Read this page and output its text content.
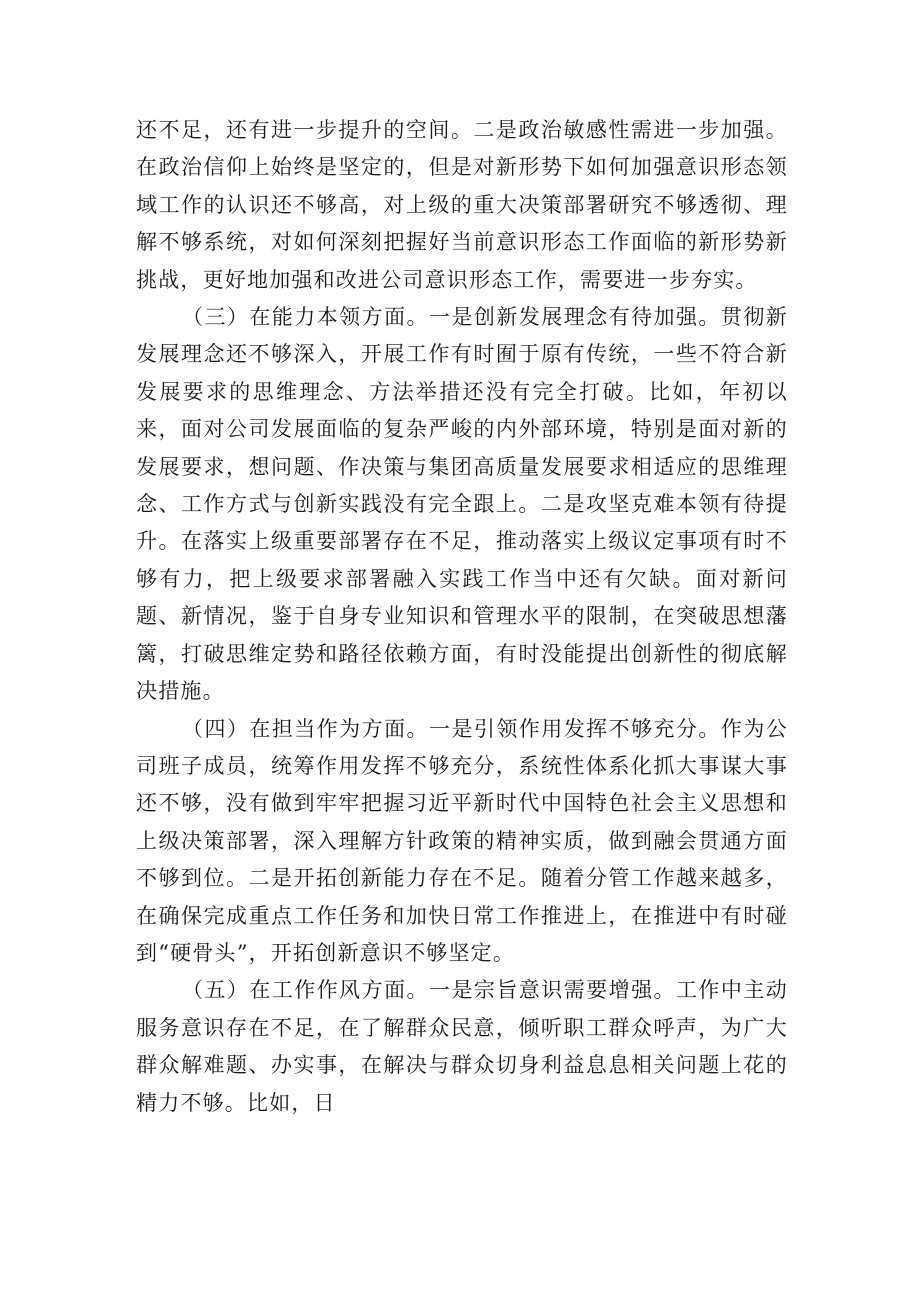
还不足，还有进一步提升的空间。二是政治敏感性需进一步加强。在政治信仰上始终是坚定的，但是对新形势下如何加强意识形态领域工作的认识还不够高，对上级的重大决策部署研究不够透彻、理解不够系统，对如何深刻把握好当前意识形态工作面临的新形势新挑战，更好地加强和改进公司意识形态工作，需要进一步夯实。

（三）在能力本领方面。一是创新发展理念有待加强。贯彻新发展理念还不够深入，开展工作有时囿于原有传统，一些不符合新发展要求的思维理念、方法举措还没有完全打破。比如，年初以来，面对公司发展面临的复杂严峻的内外部环境，特别是面对新的发展要求，想问题、作决策与集团高质量发展要求相适应的思维理念、工作方式与创新实践没有完全跟上。二是攻坚克难本领有待提升。在落实上级重要部署存在不足，推动落实上级议定事项有时不够有力，把上级要求部署融入实践工作当中还有欠缺。面对新问题、新情况，鉴于自身专业知识和管理水平的限制，在突破思想藩篱，打破思维定势和路径依赖方面，有时没能提出创新性的彻底解决措施。

（四）在担当作为方面。一是引领作用发挥不够充分。作为公司班子成员，统筹作用发挥不够充分，系统性体系化抓大事谋大事还不够，没有做到牢牢把握习近平新时代中国特色社会主义思想和上级决策部署，深入理解方针政策的精神实质，做到融会贯通方面不够到位。二是开拓创新能力存在不足。随着分管工作越来越多，在确保完成重点工作任务和加快日常工作推进上，在推进中有时碰到“硬骨头”，开拓创新意识不够坚定。

（五）在工作作风方面。一是宗旨意识需要增强。工作中主动服务意识存在不足，在了解群众民意，倾听职工群众呼声，为广大群众解难题、办实事，在解决与群众切身利益息息相关问题上花的精力不够。比如，日
